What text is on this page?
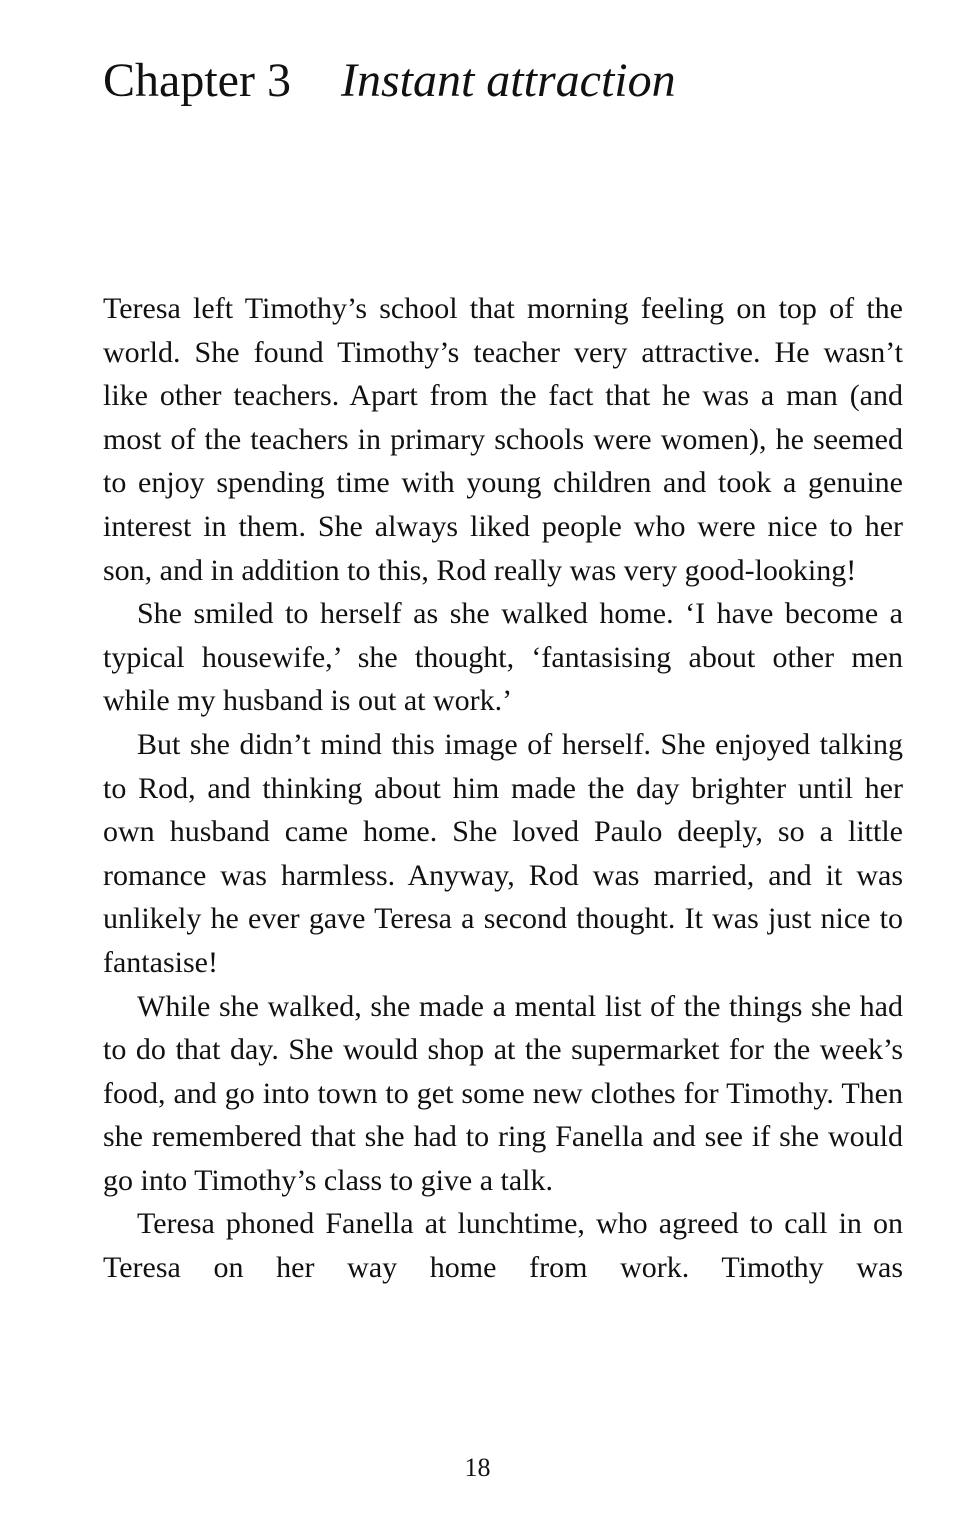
Chapter 3 Instant attraction

Teresa left Timothy’s school that morning feeling on top of the world. She found Timothy’s teacher very attractive. He wasn’t like other teachers. Apart from the fact that he was a man (and most of the teachers in primary schools were women), he seemed to enjoy spending time with young children and took a genuine interest in them. She always liked people who were nice to her son, and in addition to this, Rod really was very good-looking!

She smiled to herself as she walked home. ‘I have become a typical housewife,’ she thought, ‘fantasising about other men while my husband is out at work.’

But she didn’t mind this image of herself. She enjoyed talking to Rod, and thinking about him made the day brighter until her own husband came home. She loved Paulo deeply, so a little romance was harmless. Anyway, Rod was married, and it was unlikely he ever gave Teresa a second thought. It was just nice to fantasise!

While she walked, she made a mental list of the things she had to do that day. She would shop at the supermarket for the week’s food, and go into town to get some new clothes for Timothy. Then she remembered that she had to ring Fanella and see if she would go into Timothy’s class to give a talk.

Teresa phoned Fanella at lunchtime, who agreed to call in on Teresa on her way home from work. Timothy was

18
